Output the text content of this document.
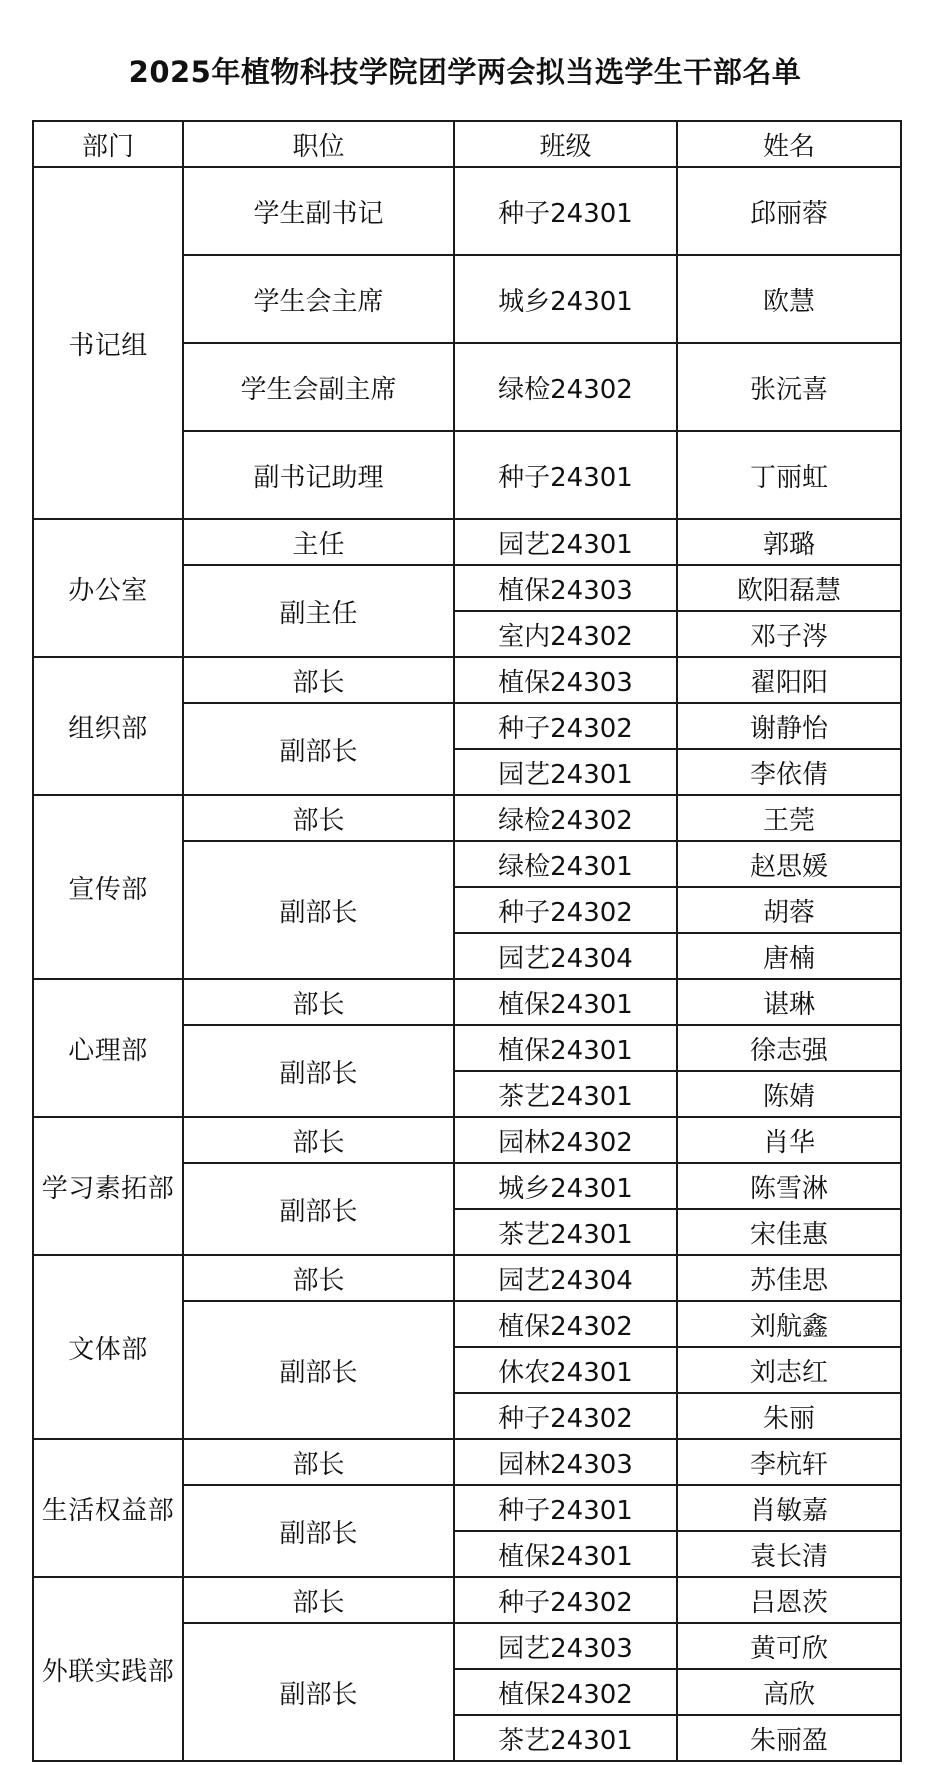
2025年植物科技学院团学两会拟当选学生干部名单
部门	职位	班级	姓名
书记组	学生副书记	种子24301	邱丽蓉
	学生会主席	城乡24301	欧慧
	学生会副主席	绿检24302	张沅喜
	副书记助理	种子24301	丁丽虹
办公室	主任	园艺24301	郭璐
	副主任	植保24303	欧阳磊慧
		室内24302	邓子涔
组织部	部长	植保24303	翟阳阳
	副部长	种子24302	谢静怡
		园艺24301	李依倩
宣传部	部长	绿检24302	王莞
	副部长	绿检24301	赵思媛
		种子24302	胡蓉
		园艺24304	唐楠
心理部	部长	植保24301	谌琳
	副部长	植保24301	徐志强
		茶艺24301	陈婧
学习素拓部	部长	园林24302	肖华
	副部长	城乡24301	陈雪淋
		茶艺24301	宋佳惠
文体部	部长	园艺24304	苏佳思
	副部长	植保24302	刘航鑫
		休农24301	刘志红
		种子24302	朱丽
生活权益部	部长	园林24303	李杭轩
	副部长	种子24301	肖敏嘉
		植保24301	袁长清
外联实践部	部长	种子24302	吕恩茨
	副部长	园艺24303	黄可欣
		植保24302	高欣
		茶艺24301	朱丽盈
